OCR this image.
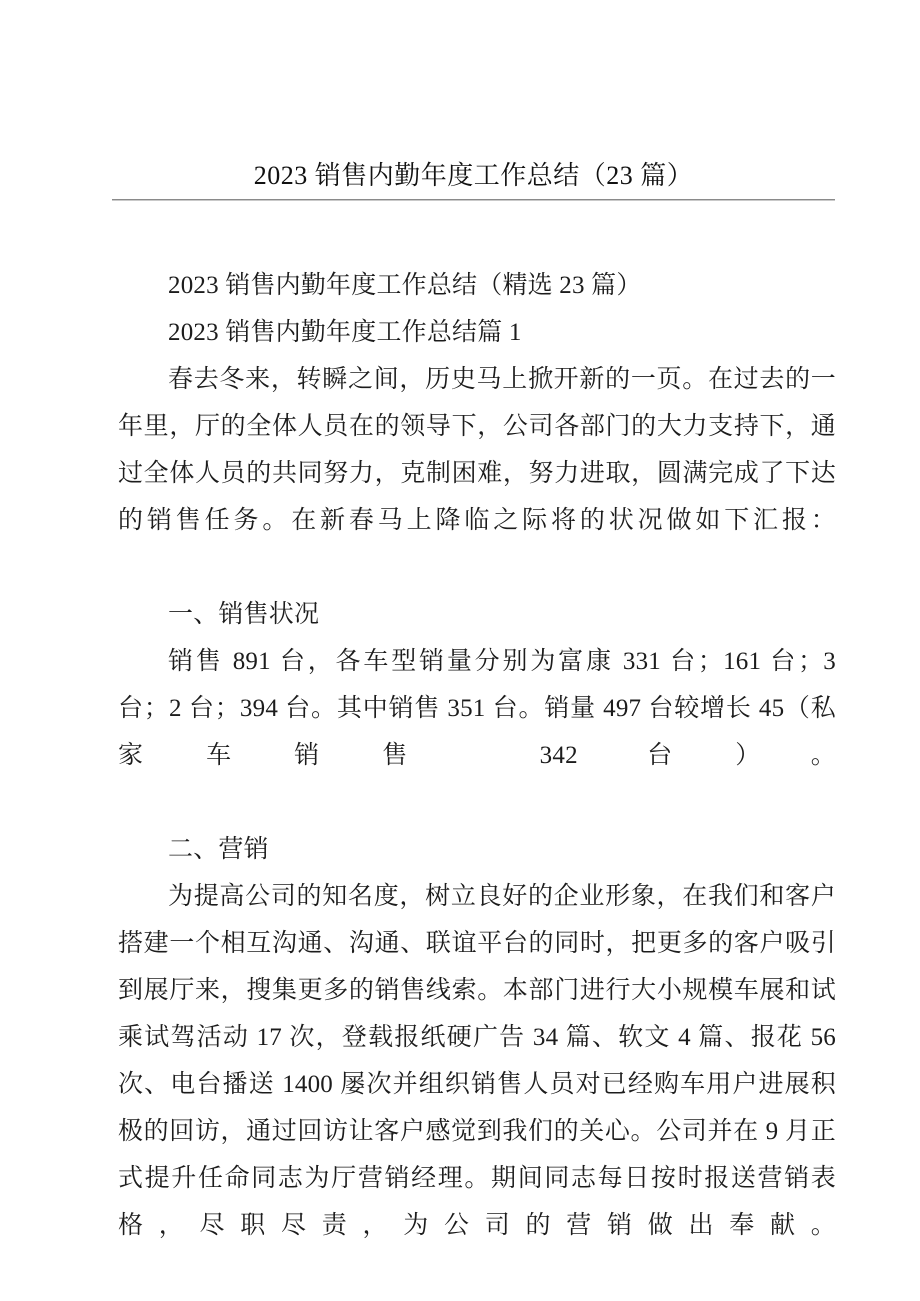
2023 销售内勤年度工作总结（23 篇）

2023 销售内勤年度工作总结（精选 23 篇）

2023 销售内勤年度工作总结篇 1

春去冬来，转瞬之间，历史马上掀开新的一页。在过去的一年里，厅的全体人员在的领导下，公司各部门的大力支持下，通过全体人员的共同努力，克制困难，努力进取，圆满完成了下达的销售任务。在新春马上降临之际将的状况做如下汇报：

一、销售状况

销售 891 台，各车型销量分别为富康 331 台；161 台；3 台；2 台；394 台。其中销售 351 台。销量 497 台较增长 45（私家车销售 342 台）。

二、营销

为提高公司的知名度，树立良好的企业形象，在我们和客户搭建一个相互沟通、沟通、联谊平台的同时，把更多的客户吸引到展厅来，搜集更多的销售线索。本部门进行大小规模车展和试乘试驾活动 17 次，登载报纸硬广告 34 篇、软文 4 篇、报花 56 次、电台播送 1400 屡次并组织销售人员对已经购车用户进展积极的回访，通过回访让客户感觉到我们的关心。公司并在 9 月正式提升任命同志为厅营销经理。期间同志每日按时报送营销表格，尽职尽责，为公司的营销做出奉献。
